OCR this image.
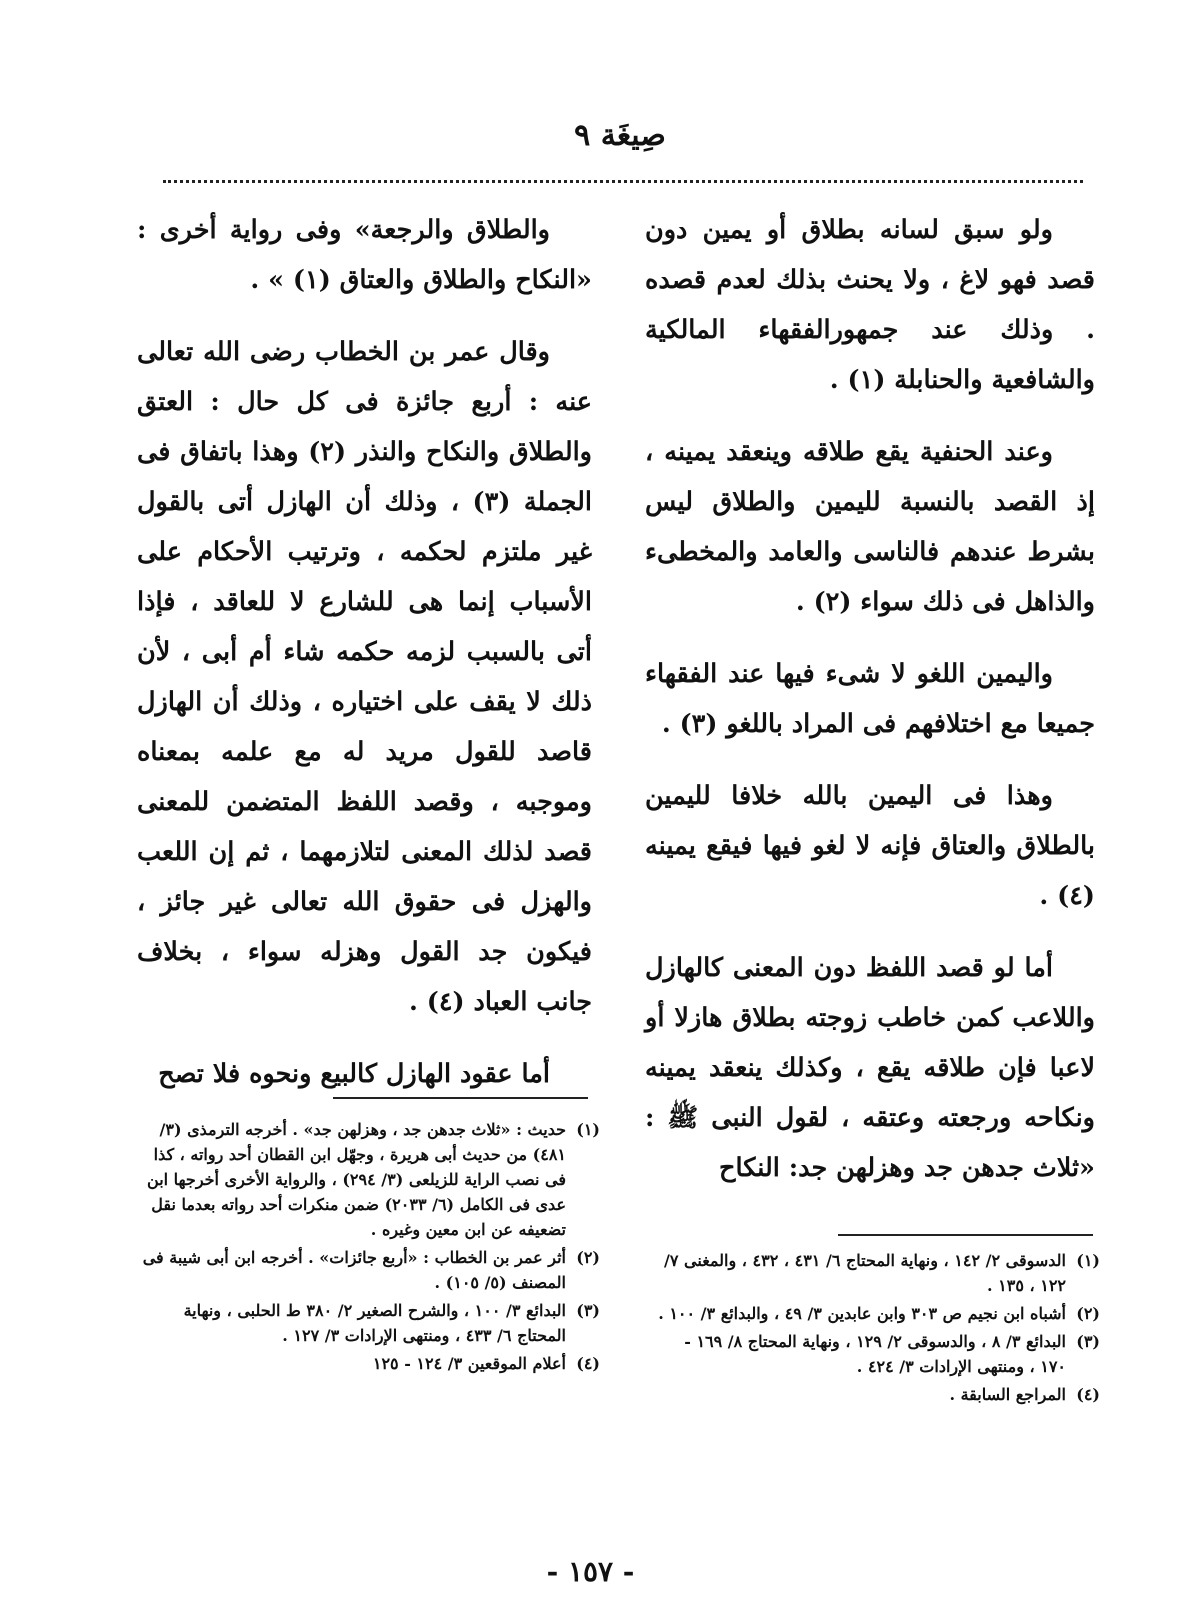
صِيغَة ٩

ولو سبق لسانه بطلاق أو يمين دون قصد فهو لاغ ، ولا يحنث بذلك لعدم قصده . وذلك عند جمهورالفقهاء المالكية والشافعية والحنابلة (١) .

وعند الحنفية يقع طلاقه وينعقد يمينه ، إذ القصد بالنسبة لليمين والطلاق ليس بشرط عندهم فالناسى والعامد والمخطىء والذاهل فى ذلك سواء (٢) .

واليمين اللغو لا شىء فيها عند الفقهاء جميعا مع اختلافهم فى المراد باللغو (٣) .

وهذا فى اليمين بالله خلافا لليمين بالطلاق والعتاق فإنه لا لغو فيها فيقع يمينه (٤) .

أما لو قصد اللفظ دون المعنى كالهازل واللاعب كمن خاطب زوجته بطلاق هازلا أو لاعبا فإن طلاقه يقع ، وكذلك ينعقد يمينه ونكاحه ورجعته وعتقه ، لقول النبى ﷺ : «ثلاث جدهن جد وهزلهن جد: النكاح

والطلاق والرجعة» وفى رواية أخرى : «النكاح والطلاق والعتاق (١) » .

وقال عمر بن الخطاب رضى الله تعالى عنه : أربع جائزة فى كل حال : العتق والطلاق والنكاح والنذر (٢) وهذا باتفاق فى الجملة (٣) ، وذلك أن الهازل أتى بالقول غير ملتزم لحكمه ، وترتيب الأحكام على الأسباب إنما هى للشارع لا للعاقد ، فإذا أتى بالسبب لزمه حكمه شاء أم أبى ، لأن ذلك لا يقف على اختياره ، وذلك أن الهازل قاصد للقول مريد له مع علمه بمعناه وموجبه ، وقصد اللفظ المتضمن للمعنى قصد لذلك المعنى لتلازمهما ، ثم إن اللعب والهزل فى حقوق الله تعالى غير جائز ، فيكون جد القول وهزله سواء ، بخلاف جانب العباد (٤) .

أما عقود الهازل كالبيع ونحوه فلا تصح

(١)
الدسوقى ٢/ ١٤٢ ، ونهاية المحتاج ٦/ ٤٣١ ، ٤٣٢ ، والمغنى ٧/ ١٢٢ ، ١٣٥ .
(٢)
أشباه ابن نجيم ص ٣٠٣ وابن عابدين ٣/ ٤٩ ، والبدائع ٣/ ١٠٠ .
(٣)
البدائع ٣/ ٨ ، والدسوقى ٢/ ١٢٩ ، ونهاية المحتاج ٨/ ١٦٩ - ١٧٠ ، ومنتهى الإرادات ٣/ ٤٢٤ .
(٤)
المراجع السابقة .
(١)
حديث : «ثلاث جدهن جد ، وهزلهن جد» . أخرجه الترمذى (٣/ ٤٨١) من حديث أبى هريرة ، وجهّل ابن القطان أحد رواته ، كذا فى نصب الراية للزيلعى (٣/ ٢٩٤) ، والرواية الأخرى أخرجها ابن عدى فى الكامل (٦/ ٢٠٣٣) ضمن منكرات أحد رواته بعدما نقل تضعيفه عن ابن معين وغيره .
(٢)
أثر عمر بن الخطاب : «أربع جائزات» . أخرجه ابن أبى شيبة فى المصنف (٥/ ١٠٥) .
(٣)
البدائع ٣/ ١٠٠ ، والشرح الصغير ٢/ ٣٨٠ ط الحلبى ، ونهاية المحتاج ٦/ ٤٣٣ ، ومنتهى الإرادات ٣/ ١٢٧ .
(٤)
أعلام الموقعين ٣/ ١٢٤ - ١٢٥
- ١٥٧ -
